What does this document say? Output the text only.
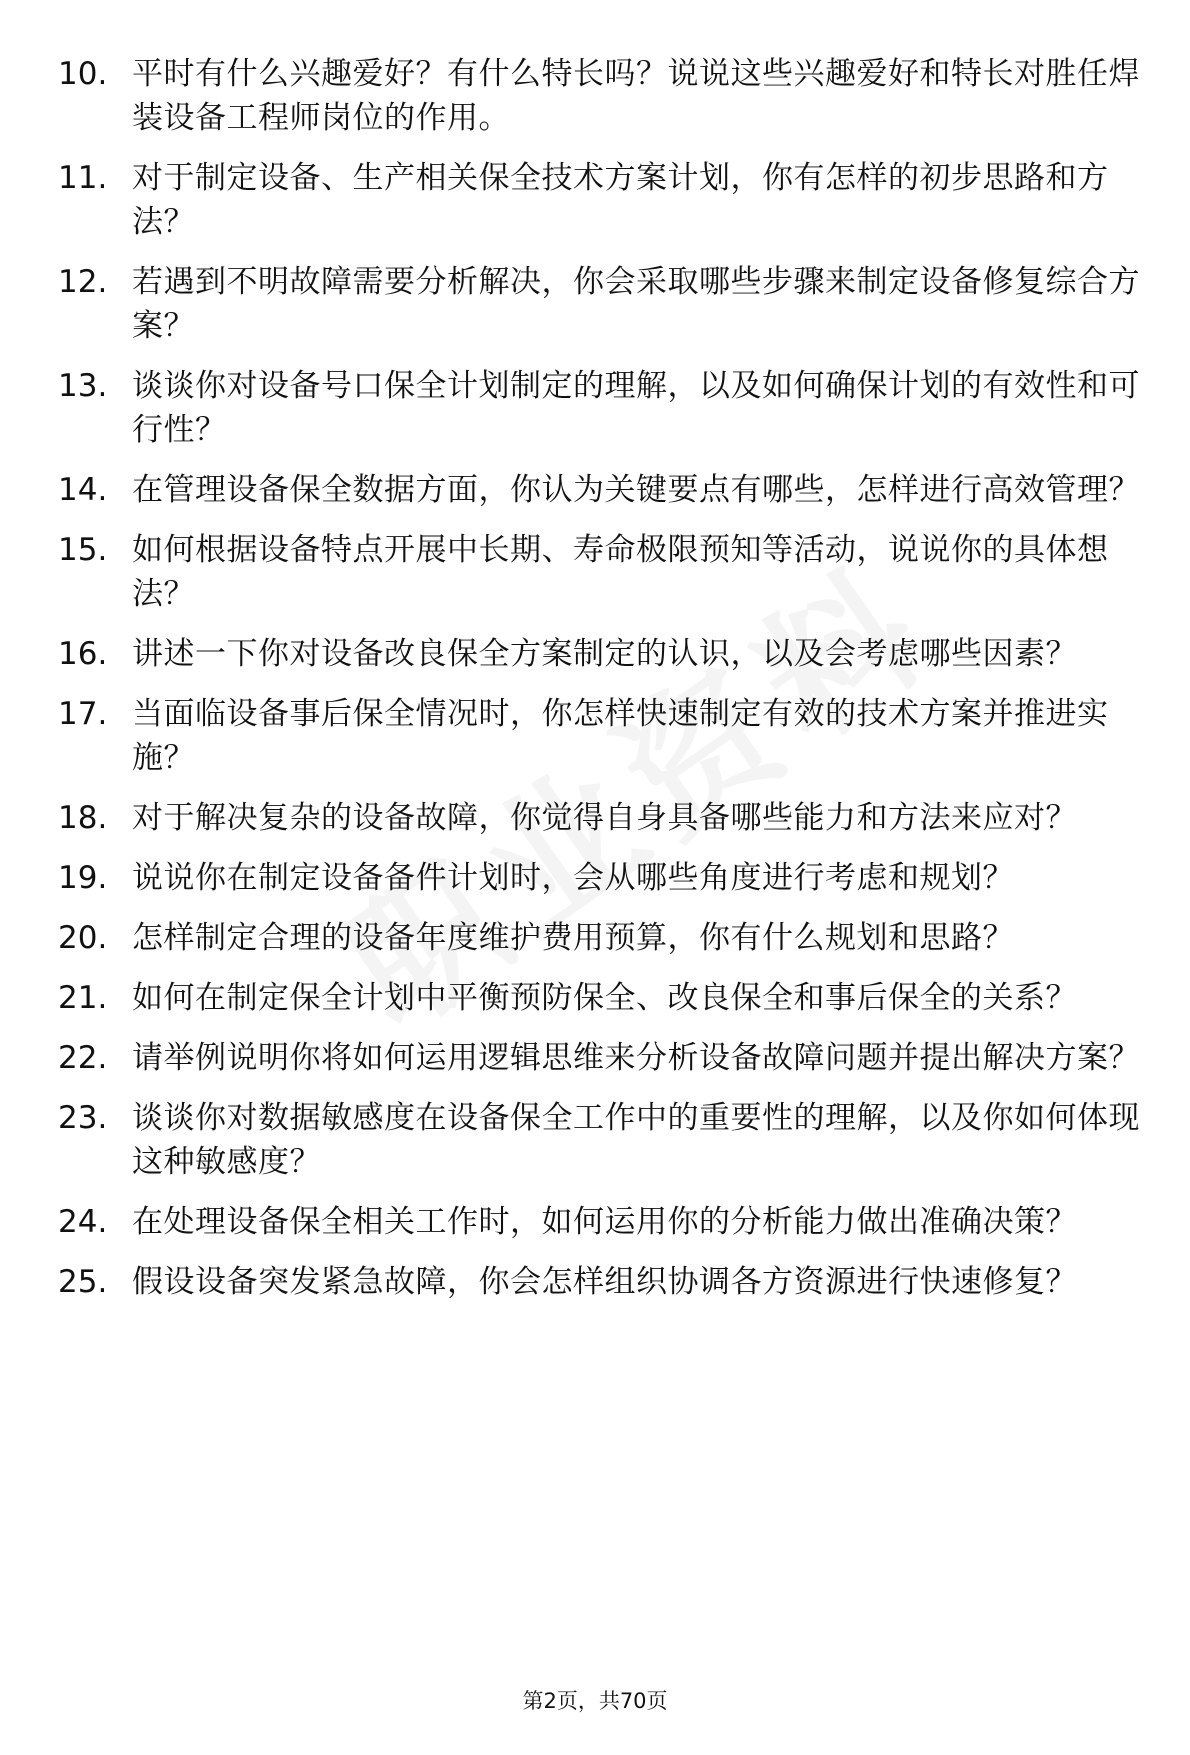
10. 平时有什么兴趣爱好？有什么特长吗？说说这些兴趣爱好和特长对胜任焊装设备工程师岗位的作用。
11. 对于制定设备、生产相关保全技术方案计划，你有怎样的初步思路和方法？
12. 若遇到不明故障需要分析解决，你会采取哪些步骤来制定设备修复综合方案？
13. 谈谈你对设备号口保全计划制定的理解，以及如何确保计划的有效性和可行性？
14. 在管理设备保全数据方面，你认为关键要点有哪些，怎样进行高效管理？
15. 如何根据设备特点开展中长期、寿命极限预知等活动，说说你的具体想法？
16. 讲述一下你对设备改良保全方案制定的认识，以及会考虑哪些因素？
17. 当面临设备事后保全情况时，你怎样快速制定有效的技术方案并推进实施？
18. 对于解决复杂的设备故障，你觉得自身具备哪些能力和方法来应对？
19. 说说你在制定设备备件计划时，会从哪些角度进行考虑和规划？
20. 怎样制定合理的设备年度维护费用预算，你有什么规划和思路？
21. 如何在制定保全计划中平衡预防保全、改良保全和事后保全的关系？
22. 请举例说明你将如何运用逻辑思维来分析设备故障问题并提出解决方案？
23. 谈谈你对数据敏感度在设备保全工作中的重要性的理解，以及你如何体现这种敏感度？
24. 在处理设备保全相关工作时，如何运用你的分析能力做出准确决策？
25. 假设设备突发紧急故障，你会怎样组织协调各方资源进行快速修复？
第2页，共70页
